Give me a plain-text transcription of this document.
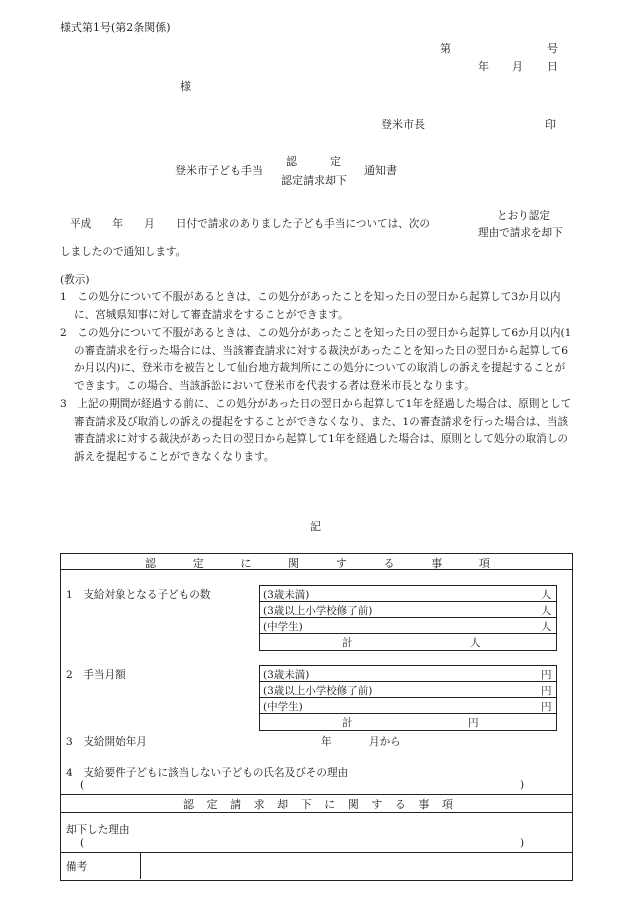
様式第1号(第2条関係)
第	号
年 月 日
様
登米市長	印
登米市子ども手当
認　　　定
認定請求却下
通知書
平成　　年　　月　　日付で請求のありました子ども手当については、次の
とおり認定
理由で請求を却下
しましたので通知します。
(教示)
1　この処分について不服があるときは、この処分があったことを知った日の翌日から起算して3か月以内に、宮城県知事に対して審査請求をすることができます。
2　この処分について不服があるときは、この処分があったことを知った日の翌日から起算して6か月以内(1の審査請求を行った場合には、当該審査請求に対する裁決があったことを知った日の翌日から起算して6か月以内)に、登米市を被告として仙台地方裁判所にこの処分についての取消しの訴えを提起することができます。この場合、当該訴訟において登米市を代表する者は登米市長となります。
3　上記の期間が経過する前に、この処分があった日の翌日から起算して1年を経過した場合は、原則として審査請求及び取消しの訴えの提起をすることができなくなり、また、1の審査請求を行った場合は、当該審査請求に対する裁決があった日の翌日から起算して1年を経過した場合は、原則として処分の取消しの訴えを提起することができなくなります。
記
認	定	に	関	す	る	事	項
1　支給対象となる子どもの数	(3歳未満)	人
(3歳以上小学校修了前)	人
(中学生)	人
計	人
2　手当月額	(3歳未満)	円
(3歳以上小学校修了前)	円
(中学生)	円
計	円
3　支給開始年月	年	月から
4　支給要件子どもに該当しない子どもの氏名及びその理由
(	)
認 定 請 求 却 下 に 関 す る 事 項
却下した理由
(	)
備考
